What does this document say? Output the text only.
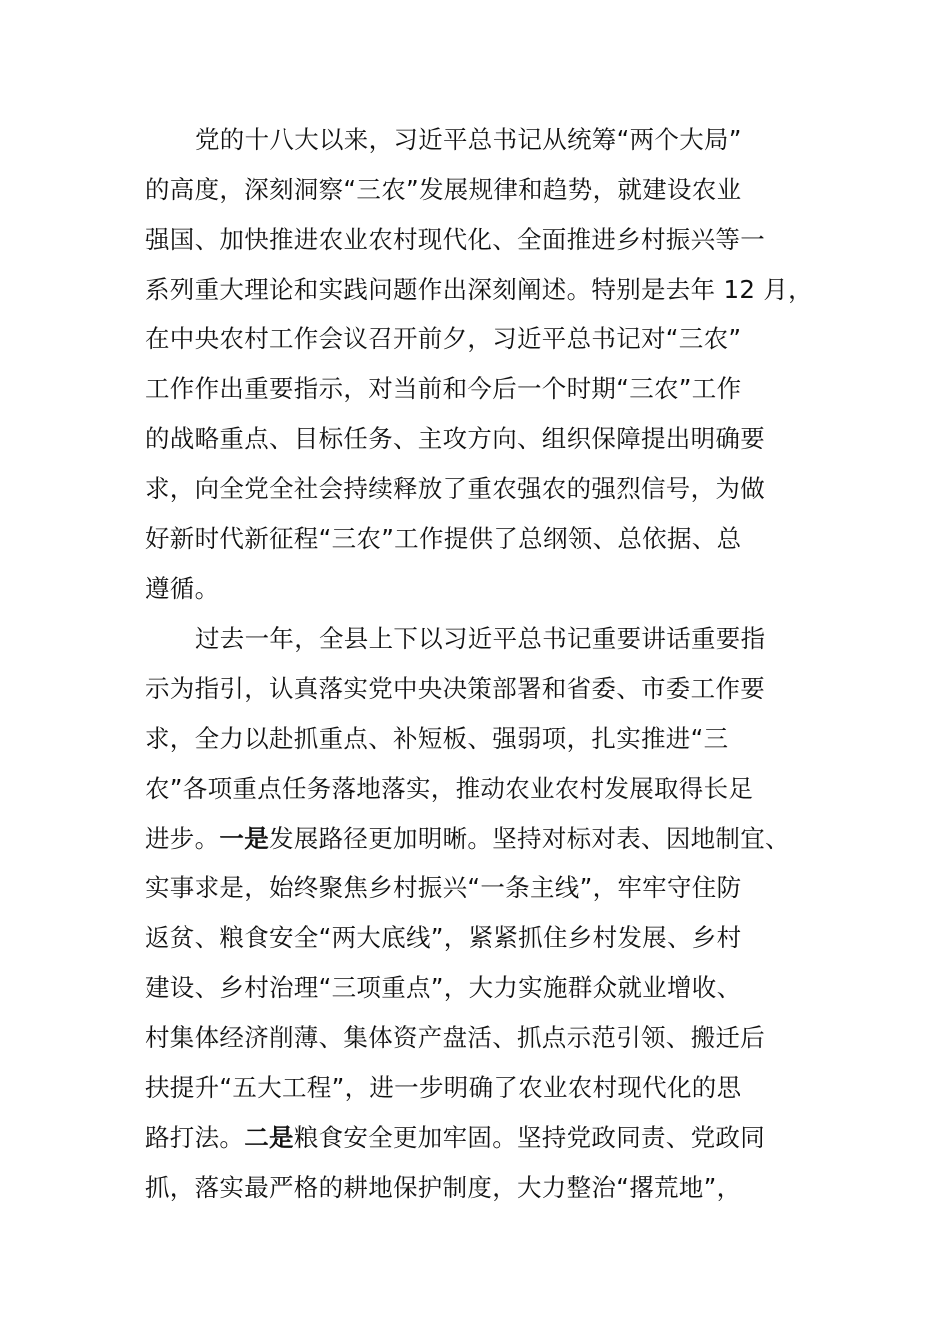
党的十八大以来，习近平总书记从统筹“两个大局”
的高度，深刻洞察“三农”发展规律和趋势，就建设农业
强国、加快推进农业农村现代化、全面推进乡村振兴等一
系列重大理论和实践问题作出深刻阐述。特别是去年 12 月，
在中央农村工作会议召开前夕，习近平总书记对“三农”
工作作出重要指示，对当前和今后一个时期“三农”工作
的战略重点、目标任务、主攻方向、组织保障提出明确要
求，向全党全社会持续释放了重农强农的强烈信号，为做
好新时代新征程“三农”工作提供了总纲领、总依据、总
遵循。
过去一年，全县上下以习近平总书记重要讲话重要指
示为指引，认真落实党中央决策部署和省委、市委工作要
求，全力以赴抓重点、补短板、强弱项，扎实推进“三
农”各项重点任务落地落实，推动农业农村发展取得长足
进步。一是发展路径更加明晰。坚持对标对表、因地制宜、
实事求是，始终聚焦乡村振兴“一条主线”，牢牢守住防
返贫、粮食安全“两大底线”，紧紧抓住乡村发展、乡村
建设、乡村治理“三项重点”，大力实施群众就业增收、
村集体经济削薄、集体资产盘活、抓点示范引领、搬迁后
扶提升“五大工程”，进一步明确了农业农村现代化的思
路打法。二是粮食安全更加牢固。坚持党政同责、党政同
抓，落实最严格的耕地保护制度，大力整治“撂荒地”，
